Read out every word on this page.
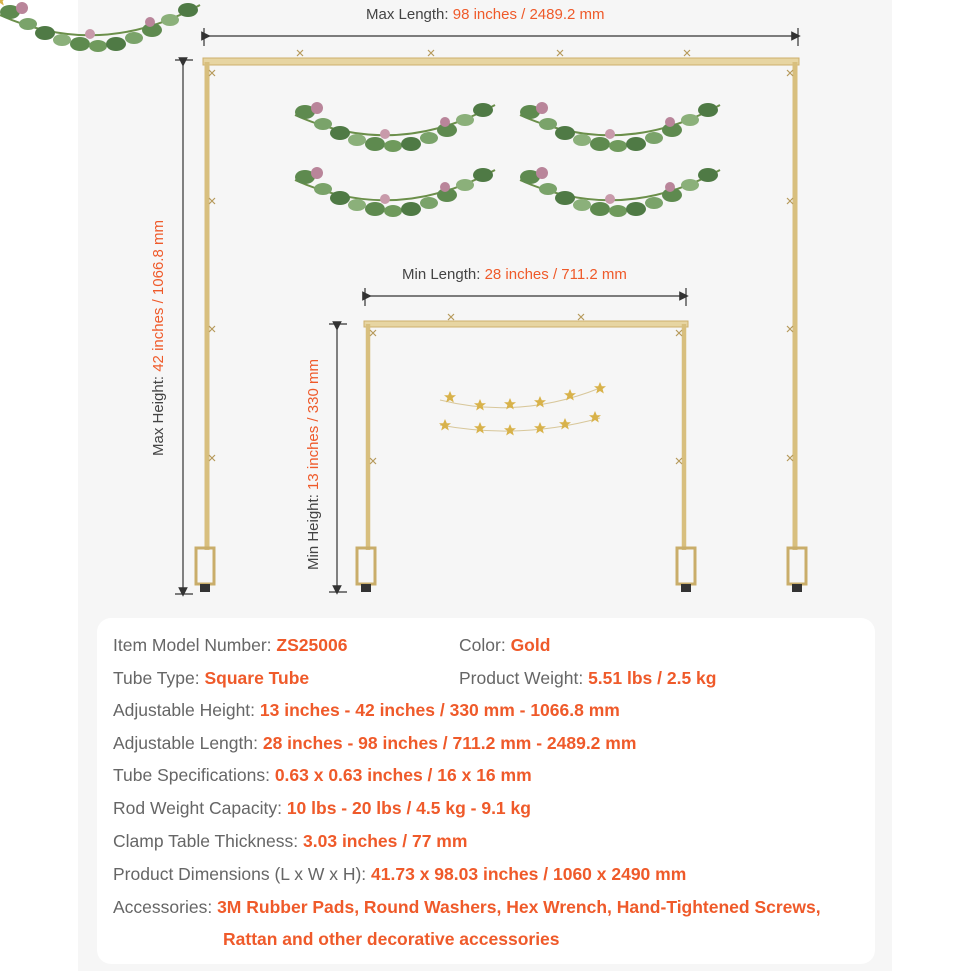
Max Length: 98 inches / 2489.2 mm
Max Height: 42 inches / 1066.8 mm	Min Length: 28 inches / 711.2 mm
Min Height: 13 inches / 330 mm
Item Model Number: ZS25006	Color: Gold
Tube Type: Square Tube	Product Weight: 5.51 lbs / 2.5 kg
Adjustable Height: 13 inches - 42 inches / 330 mm - 1066.8 mm
Adjustable Length: 28 inches - 98 inches / 711.2 mm - 2489.2 mm
Tube Specifications: 0.63 x 0.63 inches / 16 x 16 mm
Rod Weight Capacity: 10 lbs - 20 lbs / 4.5 kg - 9.1 kg
Clamp Table Thickness: 3.03 inches / 77 mm
Product Dimensions (L x W x H): 41.73 x 98.03 inches / 1060 x 2490 mm
Accessories: 3M Rubber Pads, Round Washers, Hex Wrench, Hand-Tightened Screws,
Rattan and other decorative accessories
